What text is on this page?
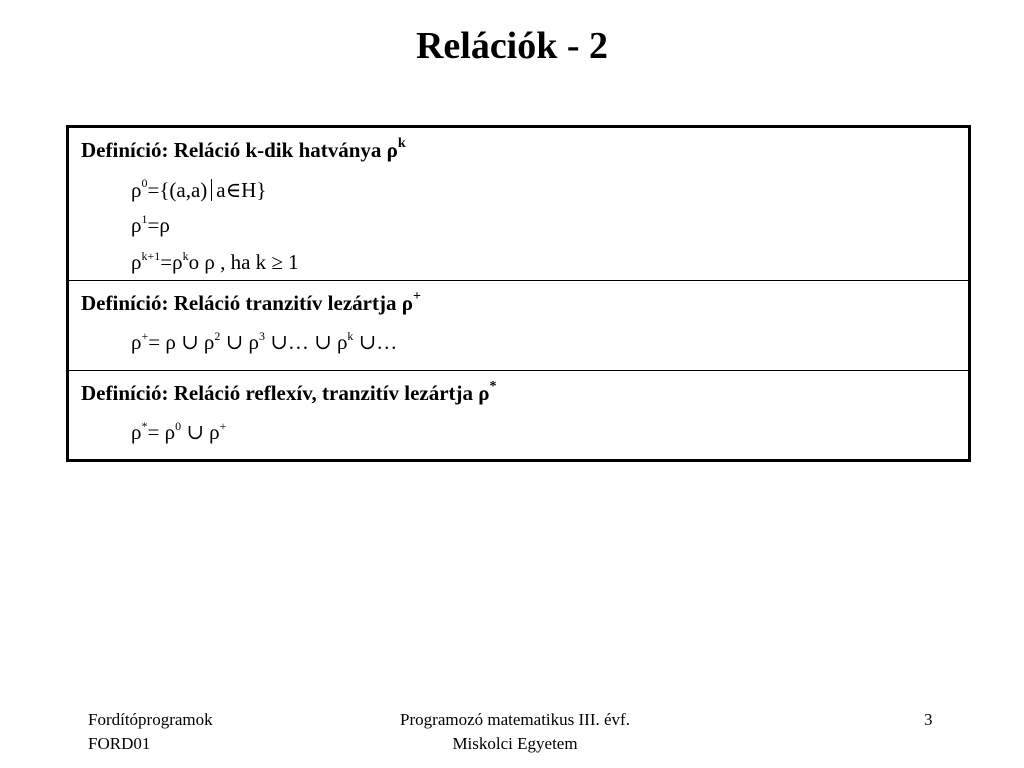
Relációk - 2
Definíció: Reláció k-dik hatványa $\rho^k$
$\rho^0=\{(a,a)$ a∈H}
$\rho^1=\rho$
$\rho^{k+1}=\rho^ko$ ρ , ha k ≥ 1
Definíció: Reláció tranzitív lezártja ρ+
ρ+= ρ ∪ $\rho^2$ ∪ $\rho^3$ ∪… ∪ $\rho^k$ ∪…
Definíció: Reláció reflexív, tranzitív lezártja ρ*
$\rho^*= \rho^0$ ∪ ρ+
Fordítóprogramok
FORD01
Programozó matematikus III. évf.
Miskolci Egyetem
3
